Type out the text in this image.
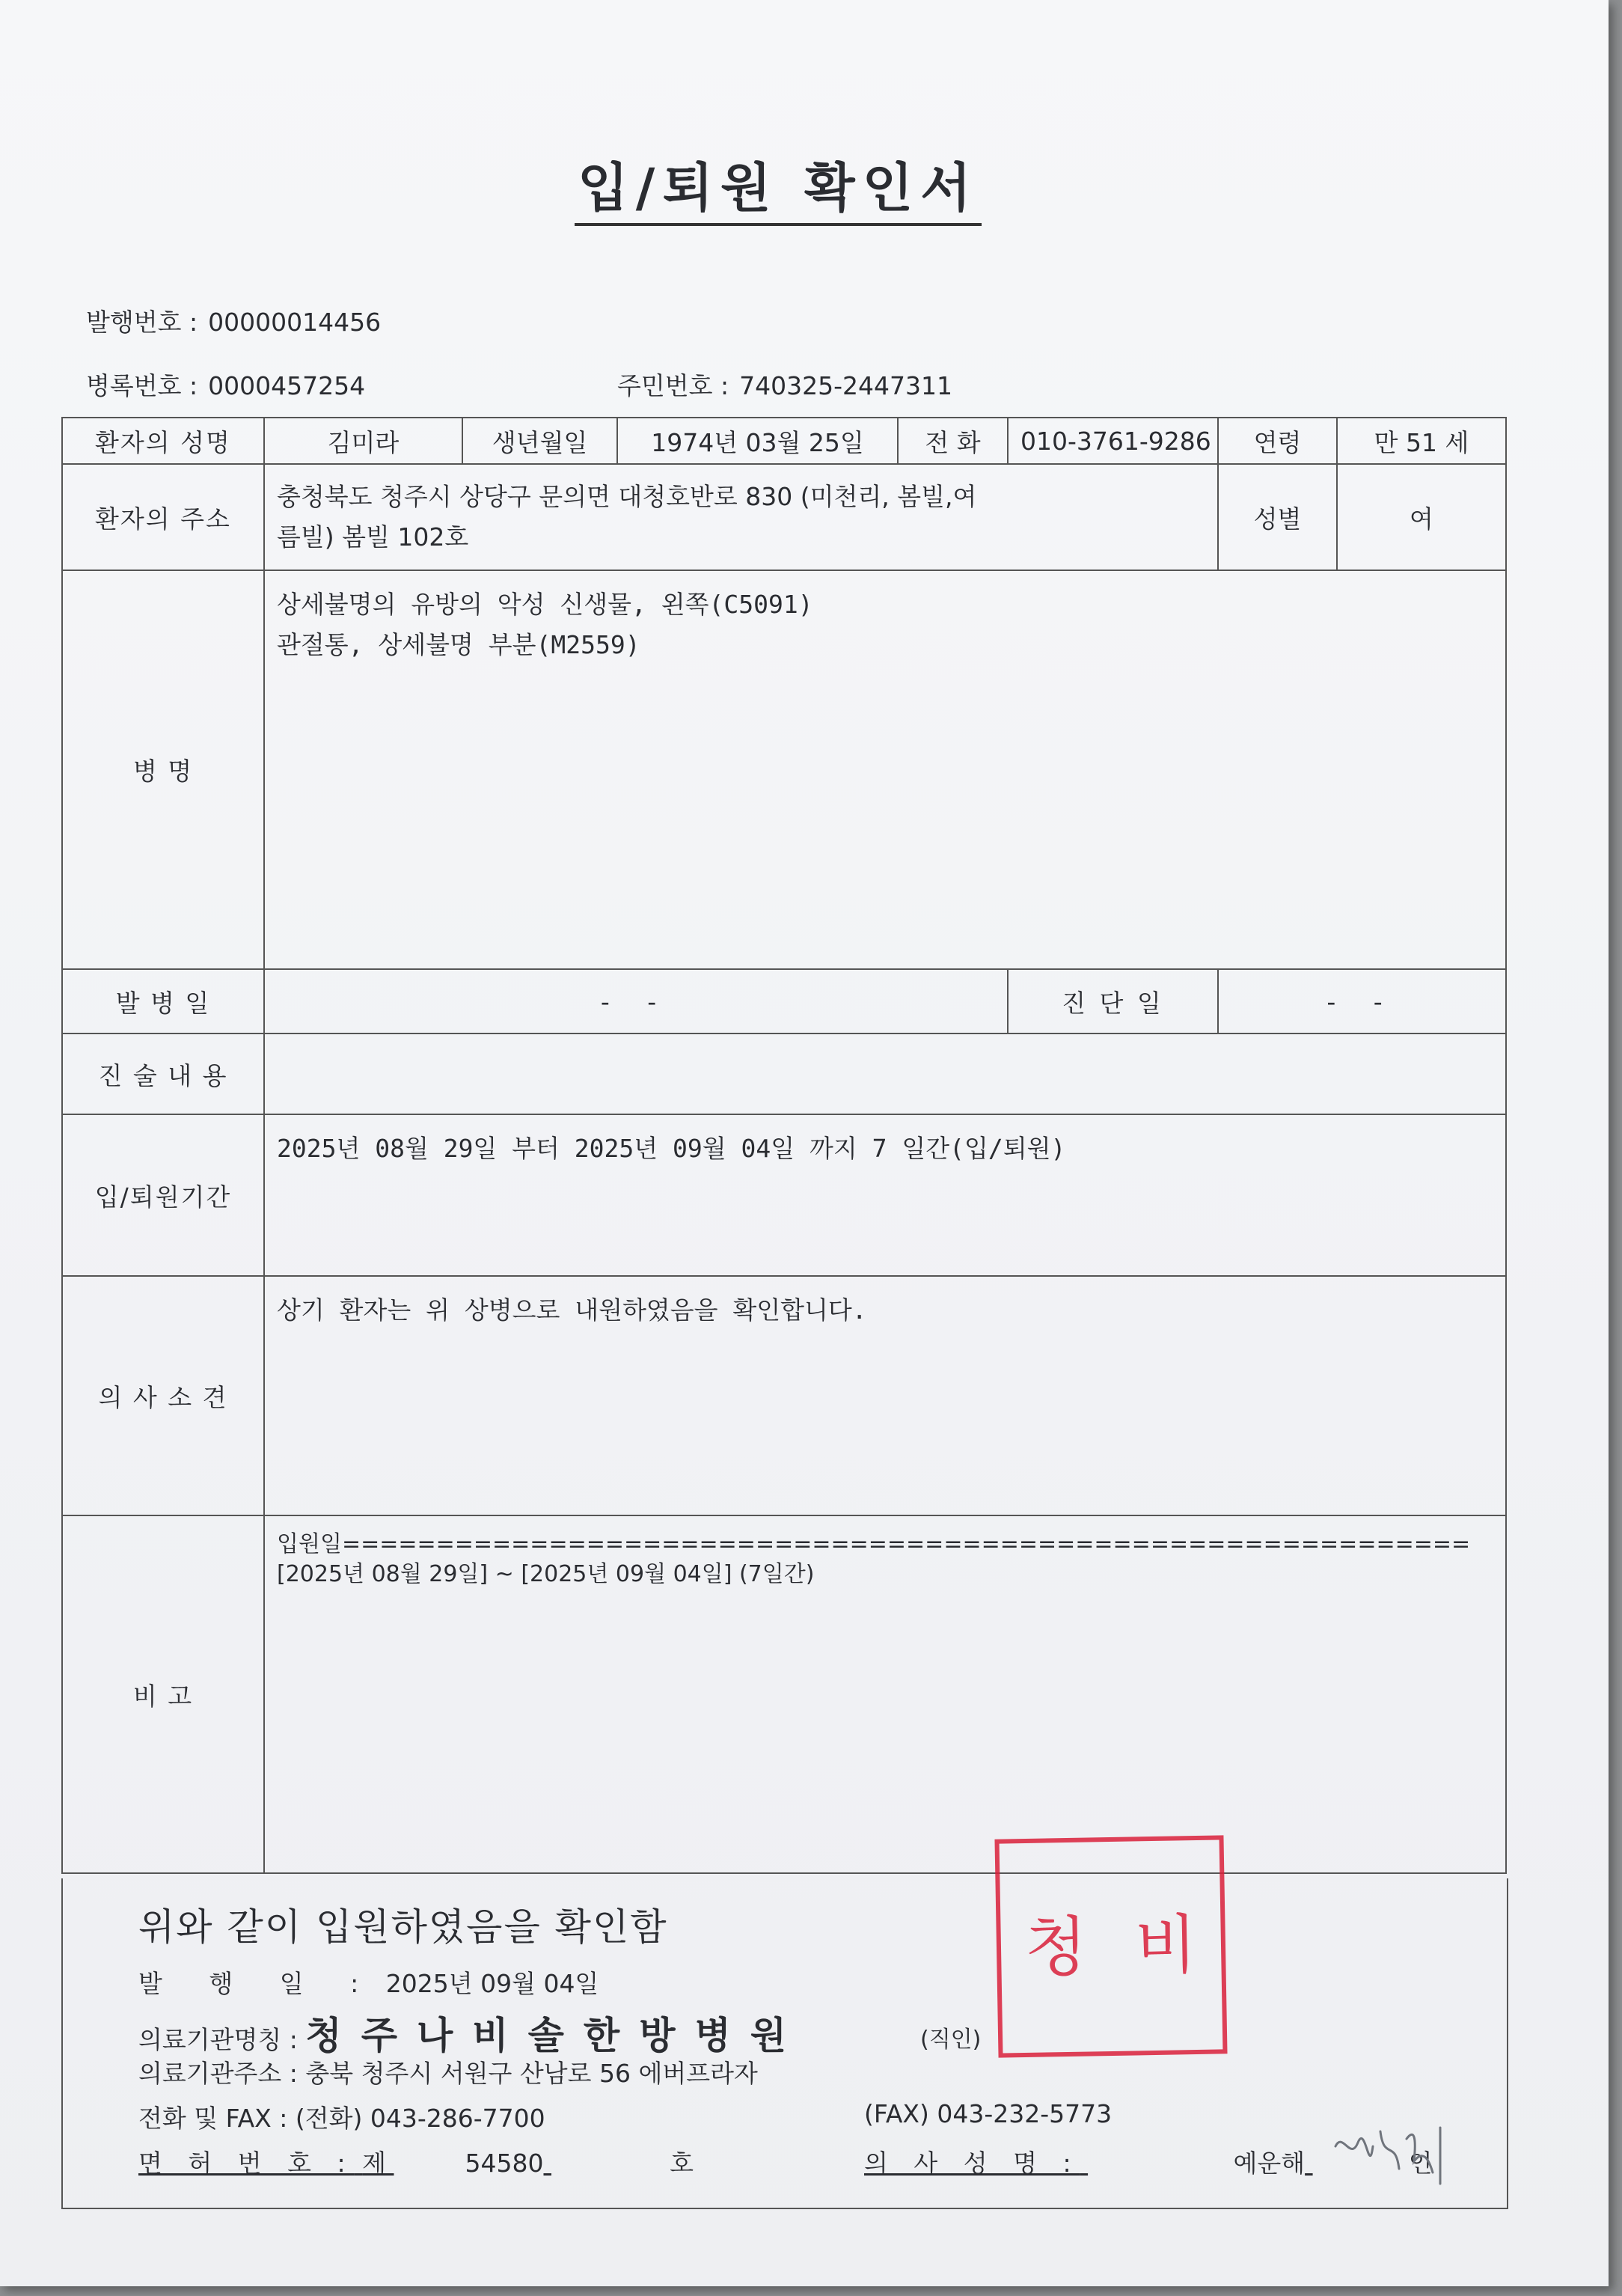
입/퇴원 확인서
발행번호 : 00000014456
병록번호 : 0000457254	주민번호 : 740325-2447311
환자의 성명	김미라	생년월일	1974년 03월 25일	전 화	010-3761-9286	연령	만 51 세
환자의 주소	충청북도 청주시 상당구 문의면 대청호반로 830 (미천리, 봄빌,여
름빌) 봄빌 102호					성별	여
병 명	상세불명의 유방의 악성 신생물, 왼쪽(C5091)
관절통, 상세불명 부분(M2559)						

발 병 일	- -				진 단 일	- -	
진 술 내 용							
입/퇴원기간	2025년 08월 29일 부터 2025년 09월 04일 까지 7 일간(입/퇴원)						
의 사 소 견	상기 환자는 위 상병으로 내원하였음을 확인합니다.						
비 고	입원일============================================================
[2025년 08월 29일] ~ [2025년 09월 04일] (7일간)						
위와 같이 입원하였음을 확인함
발 행 일 : 2025년 09월 04일
의료기관명칭 : 청주나비솔한방병원	(직인)
의료기관주소 : 충북 청주시 서원구 산남로 56 에버프라자
전화 및 FAX : (전화) 043-286-7700	(FAX) 043-232-5773
면 허 번 호 : 제	54580	호	의 사 성 명 :	예운해	인
청 비
